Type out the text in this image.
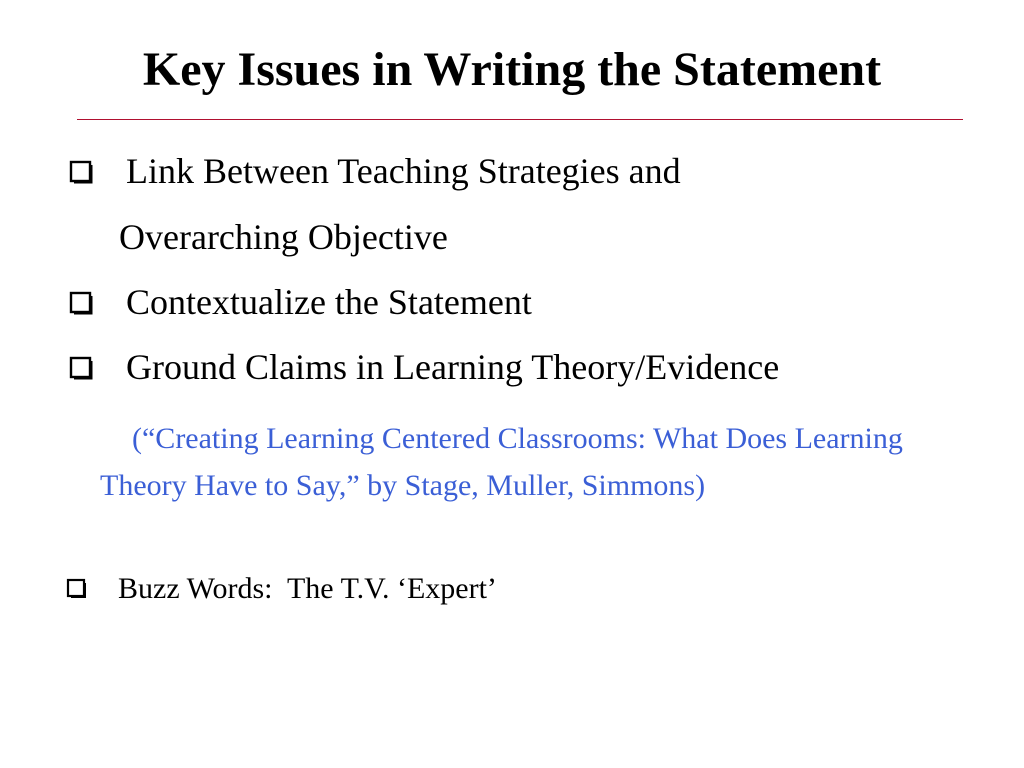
Key Issues in Writing the Statement
Link Between Teaching Strategies and
Overarching Objective
Contextualize the Statement
Ground Claims in Learning Theory/Evidence
(“Creating Learning Centered Classrooms: What Does Learning Theory Have to Say,” by Stage, Muller, Simmons)
Buzz Words:  The T.V. ‘Expert’
